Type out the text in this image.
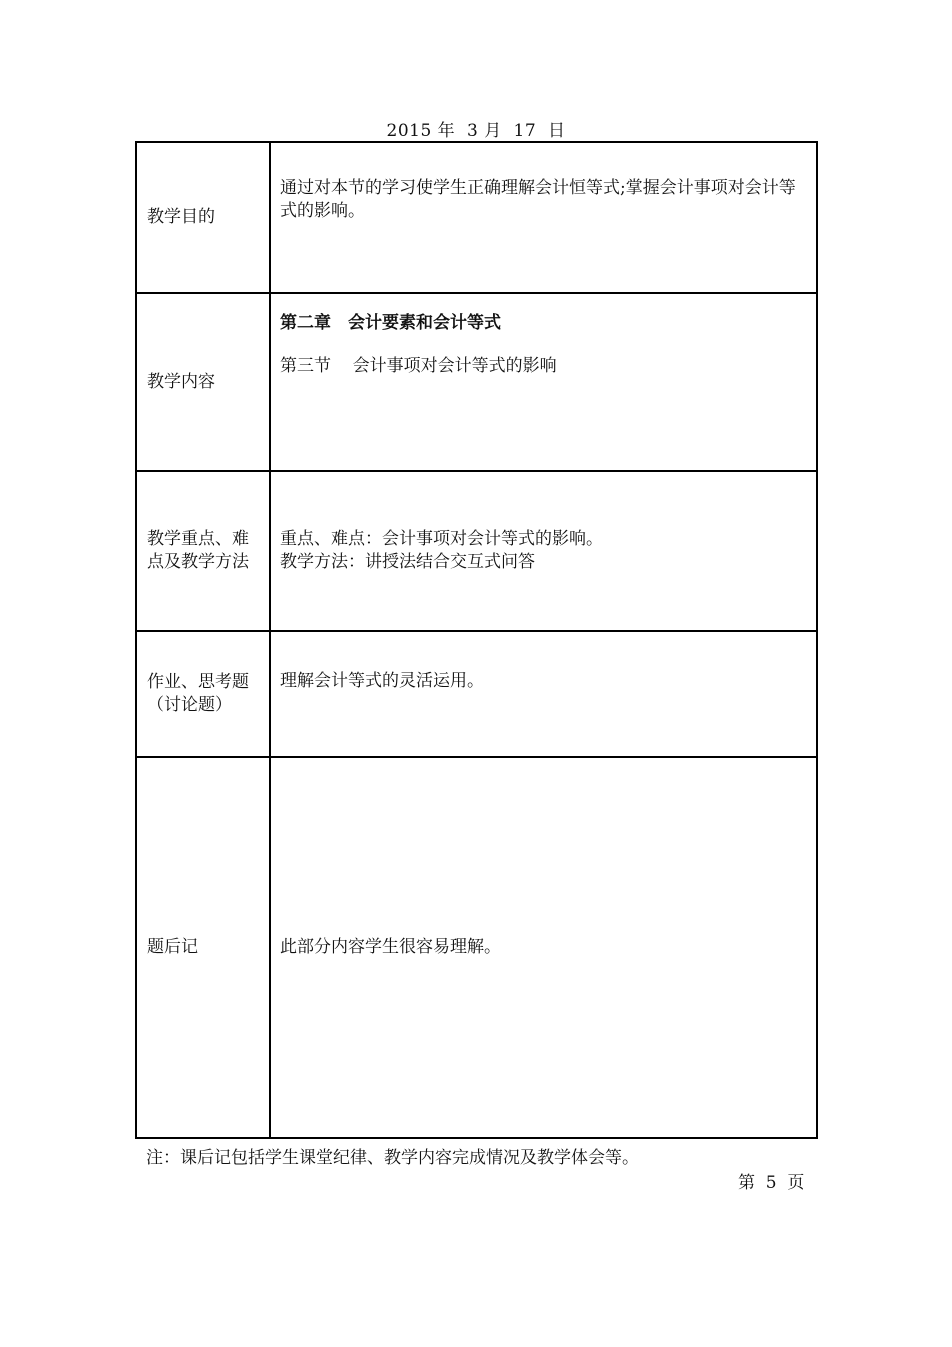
2015 年  3 月  17  日
教学目的	通过对本节的学习使学生正确理解会计恒等式;掌握会计事项对会计等式的影响。
教学内容	第二章　会计要素和会计等式
第三节    会计事项对会计等式的影响

教学重点、难点及教学方法	重点、难点：会计事项对会计等式的影响。
教学方法：讲授法结合交互式问答

作业、思考题（讨论题）	理解会计等式的灵活运用。
题后记	此部分内容学生很容易理解。
注：课后记包括学生课堂纪律、教学内容完成情况及教学体会等。
第  5  页
